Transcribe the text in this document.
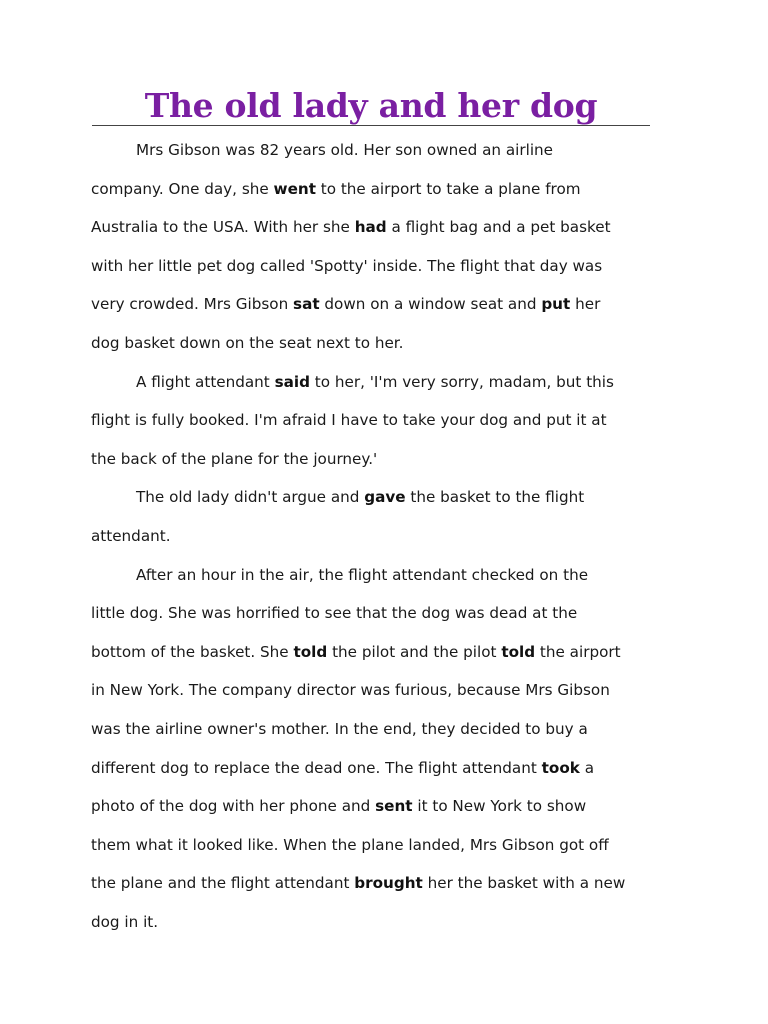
The old lady and her dog

Mrs Gibson was 82 years old. Her son owned an airline
company. One day, she went to the airport to take a plane from
Australia to the USA. With her she had a flight bag and a pet basket
with her little pet dog called 'Spotty' inside. The flight that day was
very crowded. Mrs Gibson sat down on a window seat and put her
dog basket down on the seat next to her.

A flight attendant said to her, 'I'm very sorry, madam, but this
flight is fully booked. I'm afraid I have to take your dog and put it at
the back of the plane for the journey.'

The old lady didn't argue and gave the basket to the flight
attendant.

After an hour in the air, the flight attendant checked on the
little dog. She was horrified to see that the dog was dead at the
bottom of the basket. She told the pilot and the pilot told the airport
in New York. The company director was furious, because Mrs Gibson
was the airline owner's mother. In the end, they decided to buy a
different dog to replace the dead one. The flight attendant took a
photo of the dog with her phone and sent it to New York to show
them what it looked like. When the plane landed, Mrs Gibson got off
the plane and the flight attendant brought her the basket with a new
dog in it.
